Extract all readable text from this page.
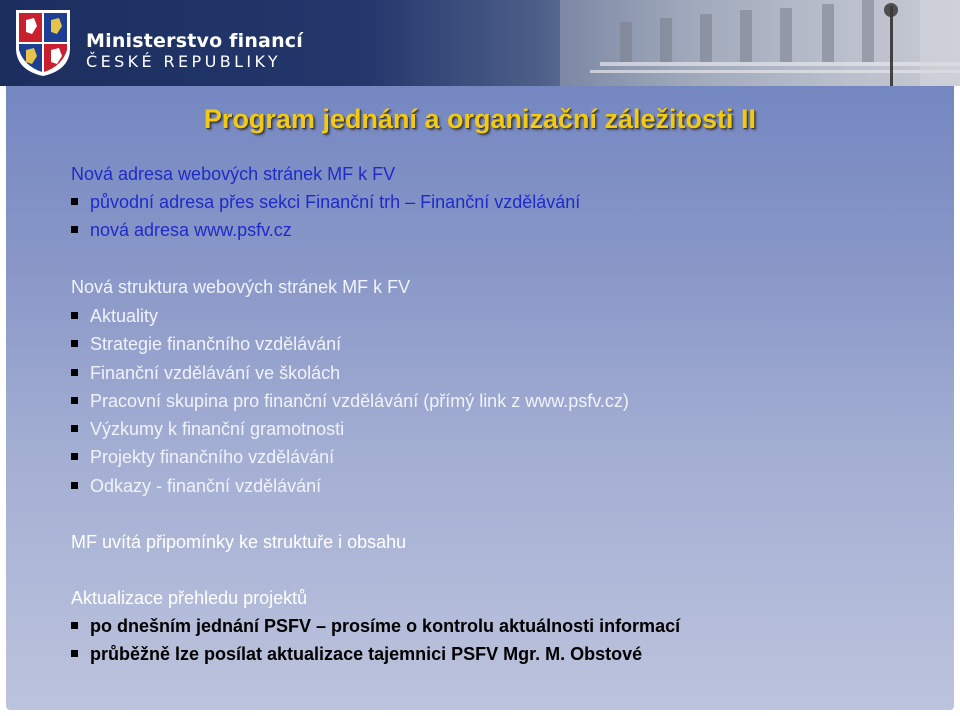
Ministerstvo financí
ČESKÉ REPUBLIKY
Program jednání a organizační záležitosti II
Nová adresa webových stránek MF k FV
původní adresa přes sekci Finanční trh – Finanční vzdělávání
nová adresa www.psfv.cz
Nová struktura webových stránek MF k FV
Aktuality
Strategie finančního vzdělávání
Finanční vzdělávání ve školách
Pracovní skupina pro finanční vzdělávání (přímý link z www.psfv.cz)
Výzkumy k finanční gramotnosti
Projekty finančního vzdělávání
Odkazy - finanční vzdělávání
MF uvítá připomínky ke struktuře i obsahu
Aktualizace přehledu projektů
po dnešním jednání PSFV – prosíme o kontrolu aktuálnosti informací
průběžně lze posílat aktualizace tajemnici PSFV Mgr. M. Obstové
